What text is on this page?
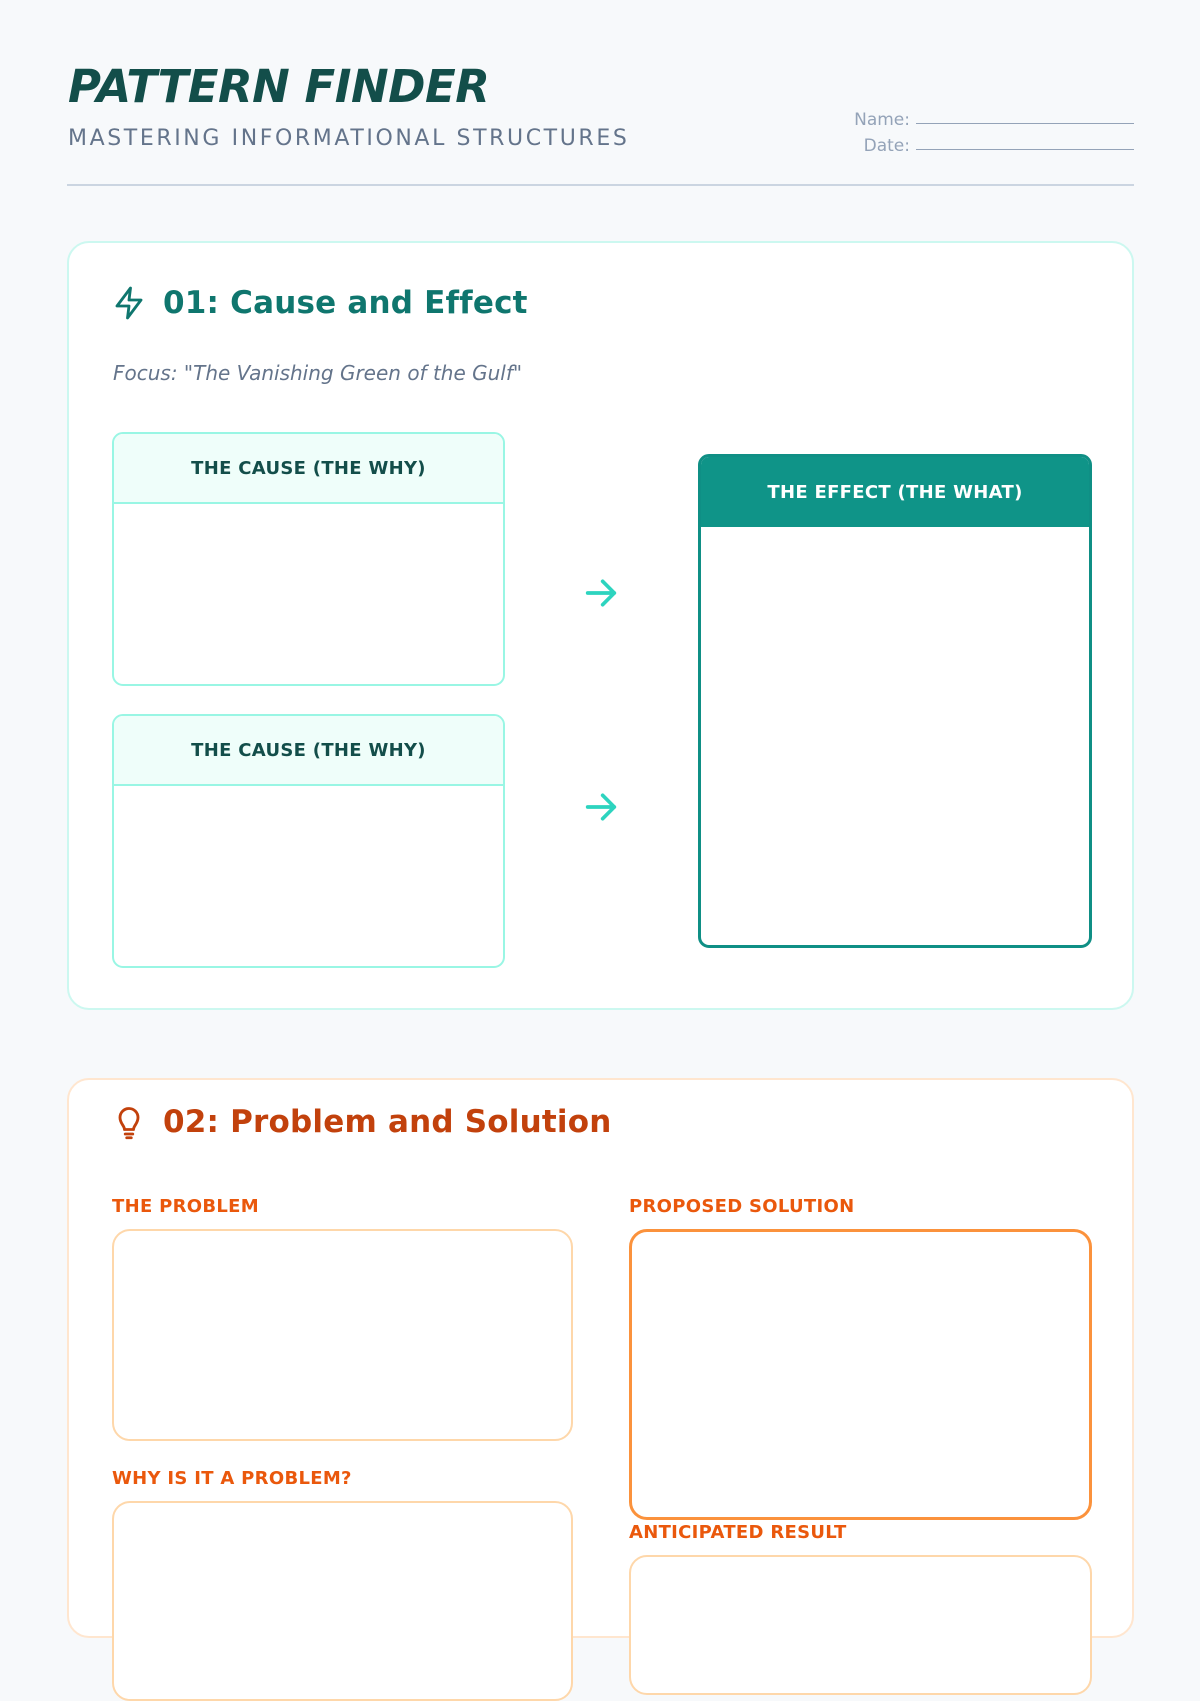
PATTERN FINDER
MASTERING INFORMATIONAL STRUCTURES
Name:
Date:
01: Cause and Effect
Focus: "The Vanishing Green of the Gulf"
THE CAUSE (THE WHY)
THE CAUSE (THE WHY)
THE EFFECT (THE WHAT)
02: Problem and Solution
THE PROBLEM
WHY IS IT A PROBLEM?
PROPOSED SOLUTION
ANTICIPATED RESULT
